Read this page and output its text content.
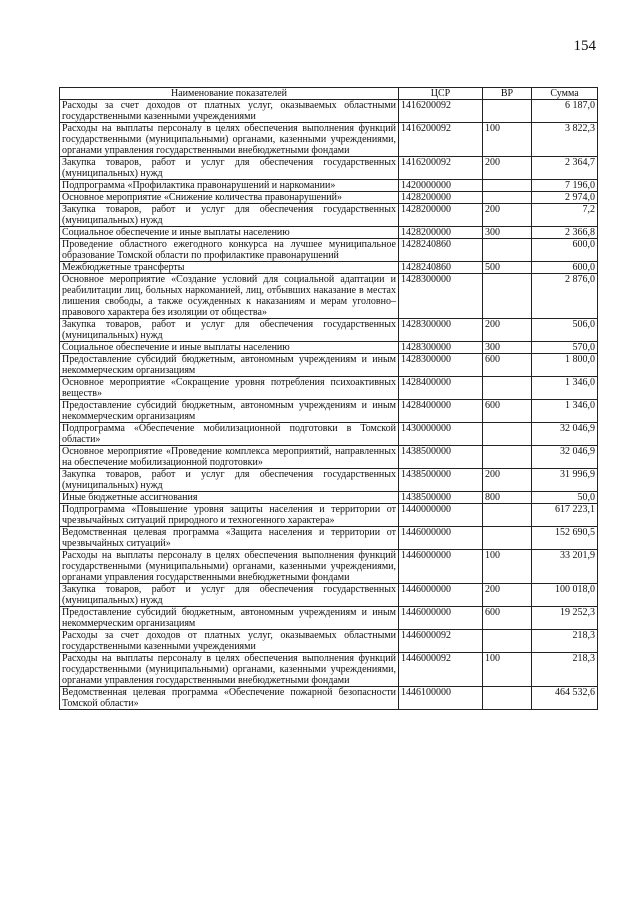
154
Наименование показателей	ЦСР	ВР	Сумма
Расходы за счет доходов от платных услуг, оказываемых областными государственными казенными учреждениями	1416200092		6 187,0
Расходы на выплаты персоналу в целях обеспечения выполнения функций государственными (муниципальными) органами, казенными учреждениями, органами управления государственными внебюджетными фондами	1416200092	100	3 822,3
Закупка товаров, работ и услуг для обеспечения государственных (муниципальных) нужд	1416200092	200	2 364,7
Подпрограмма «Профилактика правонарушений и наркомании»	1420000000		7 196,0
Основное мероприятие «Снижение количества правонарушений»	1428200000		2 974,0
Закупка товаров, работ и услуг для обеспечения государственных (муниципальных) нужд	1428200000	200	7,2
Социальное обеспечение и иные выплаты населению	1428200000	300	2 366,8
Проведение областного ежегодного конкурса на лучшее муниципальное образование Томской области по профилактике правонарушений	1428240860		600,0
Межбюджетные трансферты	1428240860	500	600,0
Основное мероприятие «Создание условий для социальной адаптации и реабилитации лиц, больных наркоманией, лиц, отбывших наказание в местах лишения свободы, а также осужденных к наказаниям и мерам уголовно–правового характера без изоляции от общества»	1428300000		2 876,0
Закупка товаров, работ и услуг для обеспечения государственных (муниципальных) нужд	1428300000	200	506,0
Социальное обеспечение и иные выплаты населению	1428300000	300	570,0
Предоставление субсидий бюджетным, автономным учреждениям и иным некоммерческим организациям	1428300000	600	1 800,0
Основное мероприятие «Сокращение уровня потребления психоактивных веществ»	1428400000		1 346,0
Предоставление субсидий бюджетным, автономным учреждениям и иным некоммерческим организациям	1428400000	600	1 346,0
Подпрограмма «Обеспечение мобилизационной подготовки в Томской области»	1430000000		32 046,9
Основное мероприятие «Проведение комплекса мероприятий, направленных на обеспечение мобилизационной подготовки»	1438500000		32 046,9
Закупка товаров, работ и услуг для обеспечения государственных (муниципальных) нужд	1438500000	200	31 996,9
Иные бюджетные ассигнования	1438500000	800	50,0
Подпрограмма «Повышение уровня защиты населения и территории от чрезвычайных ситуаций природного и техногенного характера»	1440000000		617 223,1
Ведомственная целевая программа «Защита населения и территории от чрезвычайных ситуаций»	1446000000		152 690,5
Расходы на выплаты персоналу в целях обеспечения выполнения функций государственными (муниципальными) органами, казенными учреждениями, органами управления государственными внебюджетными фондами	1446000000	100	33 201,9
Закупка товаров, работ и услуг для обеспечения государственных (муниципальных) нужд	1446000000	200	100 018,0
Предоставление субсидий бюджетным, автономным учреждениям и иным некоммерческим организациям	1446000000	600	19 252,3
Расходы за счет доходов от платных услуг, оказываемых областными государственными казенными учреждениями	1446000092		218,3
Расходы на выплаты персоналу в целях обеспечения выполнения функций государственными (муниципальными) органами, казенными учреждениями, органами управления государственными внебюджетными фондами	1446000092	100	218,3
Ведомственная целевая программа «Обеспечение пожарной безопасности Томской области»	1446100000		464 532,6
